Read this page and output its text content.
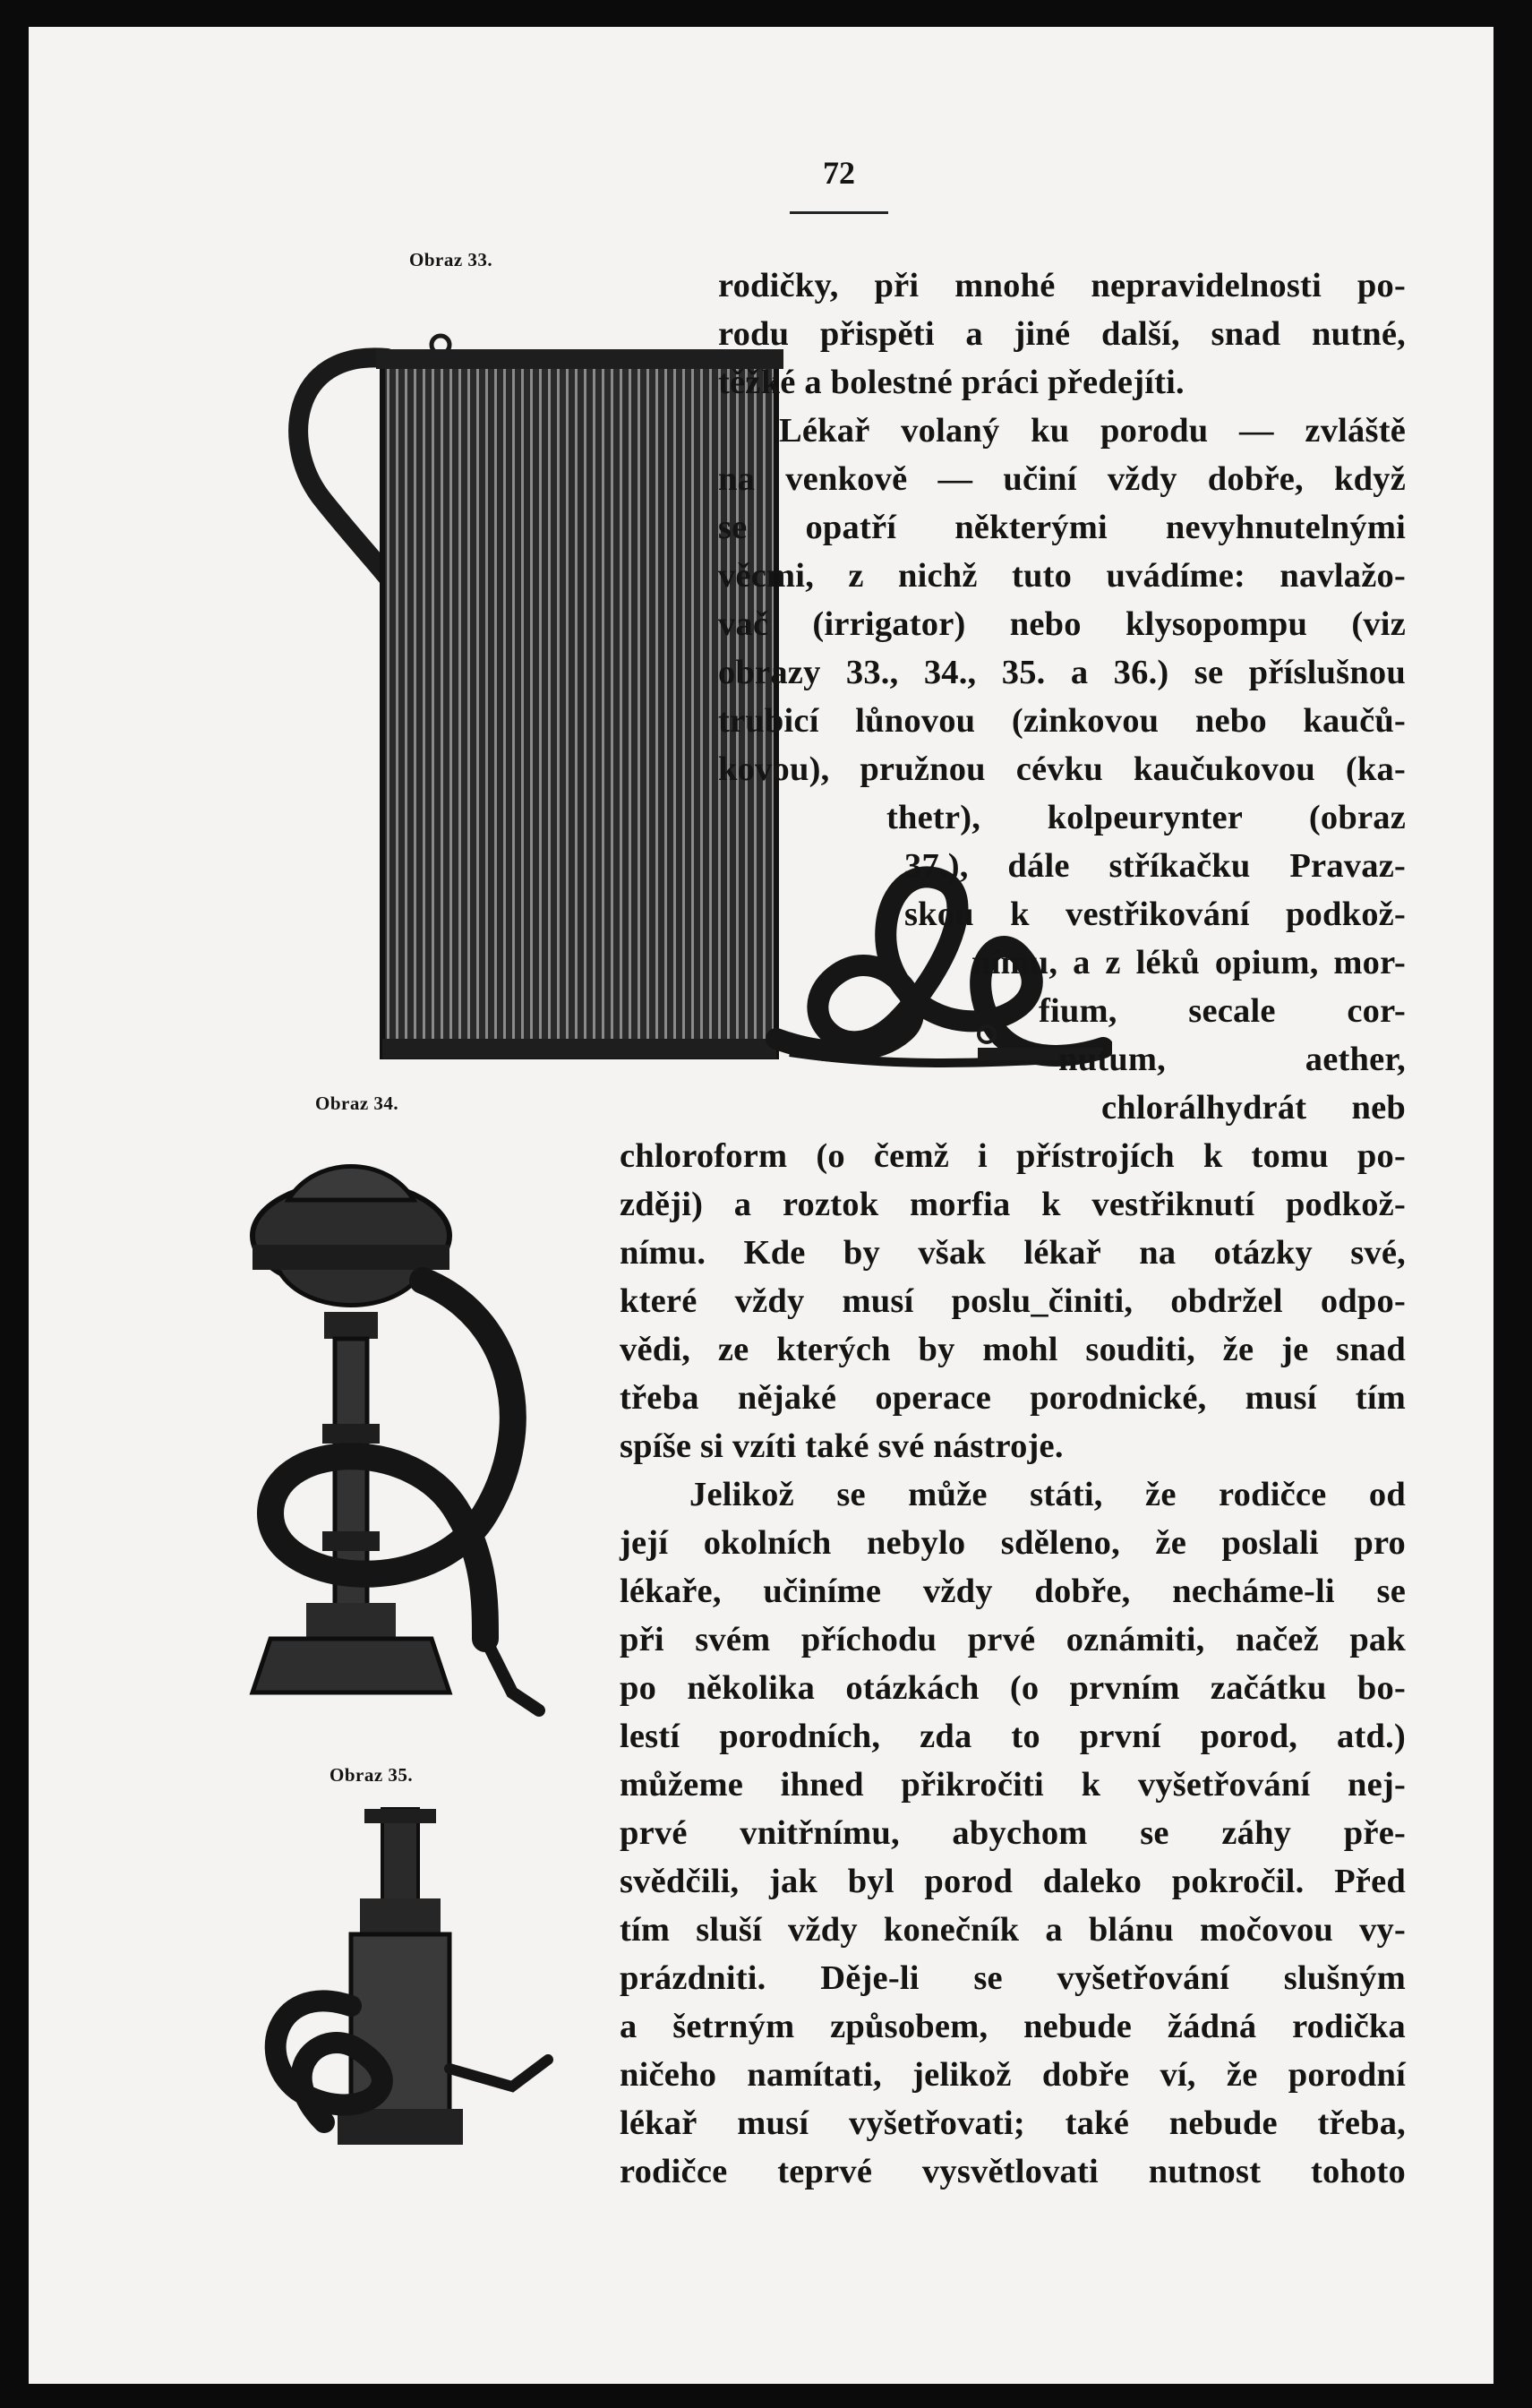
72
Obraz 33.
Obraz 34.
Obraz 35.
rodičky, při mnohé nepravidelnosti po-
rodu přispěti a jiné další, snad nutné,
těžké a bolestné práci předejíti.
Lékař volaný ku porodu — zvláště
na venkově — učiní vždy dobře, když
se opatří některými nevyhnutelnými
věcmi, z nichž tuto uvádíme: navlažo-
vač (irrigator) nebo klysopompu (viz
obrazy 33., 34., 35. a 36.) se příslušnou
trubicí lůnovou (zinkovou nebo kaučů-
kovou), pružnou cévku kaučukovou (ka-
thetr), kolpeurynter (obraz
37.), dále stříkačku Pravaz-
skou k vestřikování podkož-
nímu, a z léků opium, mor-
fium, secale cor-
nutum, aether,
chlorálhydrát neb
chloroform (o čemž i přístrojích k tomu po-
zději) a roztok morfia k vestřiknutí podkož-
nímu. Kde by však lékař na otázky své,
které vždy musí poslu_činiti, obdržel odpo-
vědi, ze kterých by mohl souditi, že je snad
třeba nějaké operace porodnické, musí tím
spíše si vzíti také své nástroje.
Jelikož se může státi, že rodičce od
její okolních nebylo sděleno, že poslali pro
lékaře, učiníme vždy dobře, necháme-li se
při svém příchodu prvé oznámiti, načež pak
po několika otázkách (o prvním začátku bo-
lestí porodních, zda to první porod, atd.)
můžeme ihned přikročiti k vyšetřování nej-
prvé vnitřnímu, abychom se záhy pře-
svědčili, jak byl porod daleko pokročil. Před
tím sluší vždy konečník a blánu močovou vy-
prázdniti. Děje-li se vyšetřování slušným
a šetrným způsobem, nebude žádná rodička
ničeho namítati, jelikož dobře ví, že porodní
lékař musí vyšetřovati; také nebude třeba,
rodičce teprvé vysvětlovati nutnost tohoto
